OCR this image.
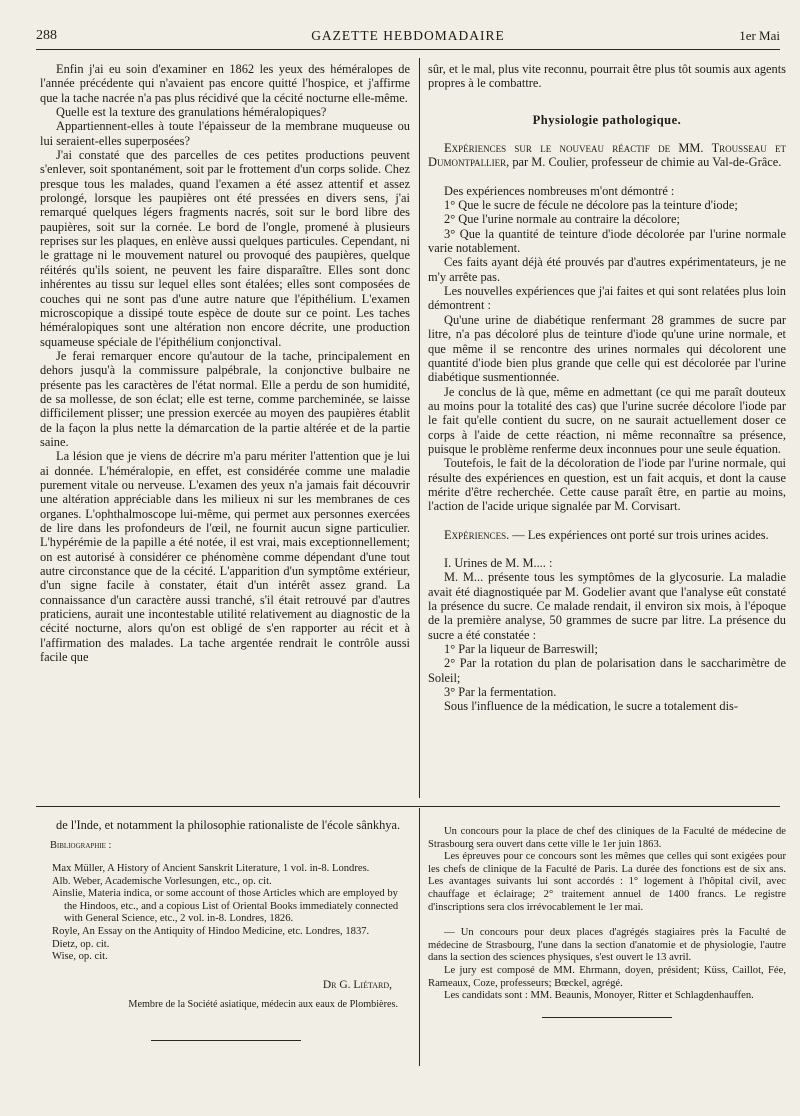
288	GAZETTE HEBDOMADAIRE	1er Mai

Enfin j'ai eu soin d'examiner en 1862 les yeux des héméralopes de l'année précédente qui n'avaient pas encore quitté l'hospice, et j'affirme que la tache nacrée n'a pas plus récidivé que la cécité nocturne elle-même.

Quelle est la texture des granulations héméralopiques?

Appartiennent-elles à toute l'épaisseur de la membrane muqueuse ou lui seraient-elles superposées?

J'ai constaté que des parcelles de ces petites productions peuvent s'enlever, soit spontanément, soit par le frottement d'un corps solide. Chez presque tous les malades, quand l'examen a été assez attentif et assez prolongé, lorsque les paupières ont été pressées en divers sens, j'ai remarqué quelques légers fragments nacrés, soit sur le bord libre des paupières, soit sur la cornée. Le bord de l'ongle, promené à plusieurs reprises sur les plaques, en enlève aussi quelques particules. Cependant, ni le grattage ni le mouvement naturel ou provoqué des paupières, quelque réitérés qu'ils soient, ne peuvent les faire disparaître. Elles sont donc inhérentes au tissu sur lequel elles sont étalées; elles sont composées de couches qui ne sont pas d'une autre nature que l'épithélium. L'examen microscopique a dissipé toute espèce de doute sur ce point. Les taches héméralopiques sont une altération non encore décrite, une production squameuse spéciale de l'épithélium conjonctival.

Je ferai remarquer encore qu'autour de la tache, principalement en dehors jusqu'à la commissure palpébrale, la conjonctive bulbaire ne présente pas les caractères de l'état normal. Elle a perdu de son humidité, de sa mollesse, de son éclat; elle est terne, comme parcheminée, se laisse difficilement plisser; une pression exercée au moyen des paupières établit de la façon la plus nette la démarcation de la partie altérée et de la partie saine.

La lésion que je viens de décrire m'a paru mériter l'attention que je lui ai donnée. L'héméralopie, en effet, est considérée comme une maladie purement vitale ou nerveuse. L'examen des yeux n'a jamais fait découvrir une altération appréciable dans les milieux ni sur les membranes de ces organes. L'ophthalmoscope lui-même, qui permet aux personnes exercées de lire dans les profondeurs de l'œil, ne fournit aucun signe particulier. L'hypérémie de la papille a été notée, il est vrai, mais exceptionnellement; on est autorisé à considérer ce phénomène comme dépendant d'une tout autre circonstance que de la cécité. L'apparition d'un symptôme extérieur, d'un signe facile à constater, était d'un intérêt assez grand. La connaissance d'un caractère aussi tranché, s'il était retrouvé par d'autres praticiens, aurait une incontestable utilité relativement au diagnostic de la cécité nocturne, alors qu'on est obligé de s'en rapporter au récit et à l'affirmation des malades. La tache argentée rendrait le contrôle aussi facile que

sûr, et le mal, plus vite reconnu, pourrait être plus tôt soumis aux agents propres à le combattre.

Physiologie pathologique.

Expériences sur le nouveau réactif de MM. Trousseau et Dumontpallier, par M. Coulier, professeur de chimie au Val-de-Grâce.

Des expériences nombreuses m'ont démontré :

1° Que le sucre de fécule ne décolore pas la teinture d'iode;

2° Que l'urine normale au contraire la décolore;

3° Que la quantité de teinture d'iode décolorée par l'urine normale varie notablement.

Ces faits ayant déjà été prouvés par d'autres expérimentateurs, je ne m'y arrête pas.

Les nouvelles expériences que j'ai faites et qui sont relatées plus loin démontrent :

Qu'une urine de diabétique renfermant 28 grammes de sucre par litre, n'a pas décoloré plus de teinture d'iode qu'une urine normale, et que même il se rencontre des urines normales qui décolorent une quantité d'iode bien plus grande que celle qui est décolorée par l'urine diabétique susmentionnée.

Je conclus de là que, même en admettant (ce qui me paraît douteux au moins pour la totalité des cas) que l'urine sucrée décolore l'iode par le fait qu'elle contient du sucre, on ne saurait actuellement doser ce corps à l'aide de cette réaction, ni même reconnaître sa présence, puisque le problème renferme deux inconnues pour une seule équation.

Toutefois, le fait de la décoloration de l'iode par l'urine normale, qui résulte des expériences en question, est un fait acquis, et dont la cause mérite d'être recherchée. Cette cause paraît être, en partie au moins, l'action de l'acide urique signalée par M. Corvisart.

Expériences. — Les expériences ont porté sur trois urines acides.

I. Urines de M. M.... :

M. M... présente tous les symptômes de la glycosurie. La maladie avait été diagnostiquée par M. Godelier avant que l'analyse eût constaté la présence du sucre. Ce malade rendait, il environ six mois, à l'époque de la première analyse, 50 grammes de sucre par litre. La présence du sucre a été constatée :

1° Par la liqueur de Barreswill;

2° Par la rotation du plan de polarisation dans le saccharimètre de Soleil;

3° Par la fermentation.

Sous l'influence de la médication, le sucre a totalement dis-

de l'Inde, et notamment la philosophie rationaliste de l'école sânkhya.

Bibliographie :

Max Müller, A History of Ancient Sanskrit Literature, 1 vol. in-8. Londres.

Alb. Weber, Academische Vorlesungen, etc., op. cit.

Ainslie, Materia indica, or some account of those Articles which are employed by the Hindoos, etc., and a copious List of Oriental Books immediately connected with General Science, etc., 2 vol. in-8. Londres, 1826.

Royle, An Essay on the Antiquity of Hindoo Medicine, etc. Londres, 1837.

Dietz, op. cit.

Wise, op. cit.

Dr G. Liétard,
Membre de la Société asiatique, médecin aux eaux de Plombières.

Un concours pour la place de chef des cliniques de la Faculté de médecine de Strasbourg sera ouvert dans cette ville le 1er juin 1863.

Les épreuves pour ce concours sont les mêmes que celles qui sont exigées pour les chefs de clinique de la Faculté de Paris. La durée des fonctions est de six ans. Les avantages suivants lui sont accordés : 1° logement à l'hôpital civil, avec chauffage et éclairage; 2° traitement annuel de 1400 francs. Le registre d'inscriptions sera clos irrévocablement le 1er mai.

— Un concours pour deux places d'agrégés stagiaires près la Faculté de médecine de Strasbourg, l'une dans la section d'anatomie et de physiologie, l'autre dans la section des sciences physiques, s'est ouvert le 13 avril.

Le jury est composé de MM. Ehrmann, doyen, président; Küss, Caillot, Fée, Rameaux, Coze, professeurs; Bœckel, agrégé.

Les candidats sont : MM. Beaunis, Monoyer, Ritter et Schlagdenhauffen.
